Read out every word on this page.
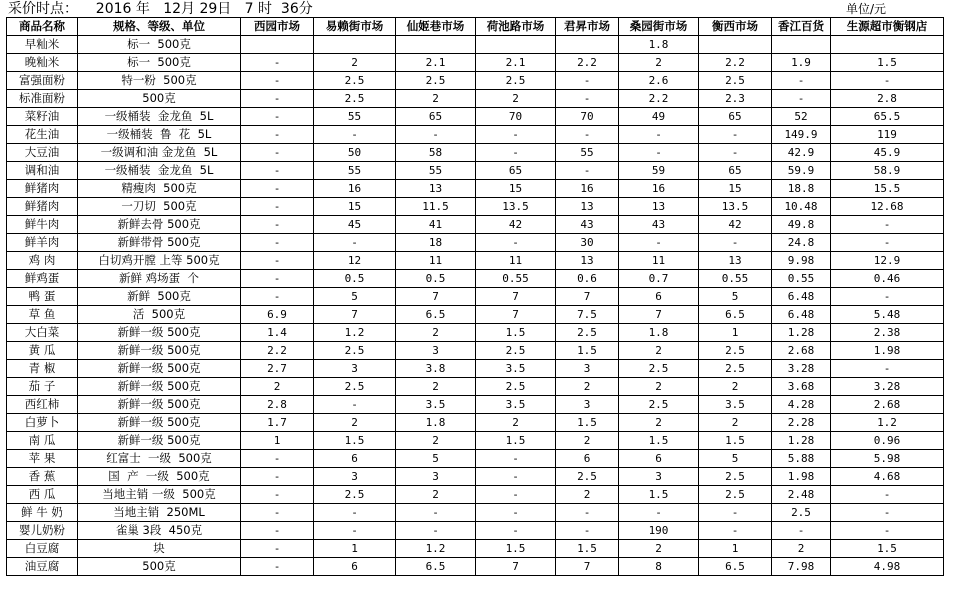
采价时点：    2016 年   12月 29日   7 时  36分	单位/元
商品名称	规格、等级、单位	西园市场	易赖街市场	仙姬巷市场	荷池路市场	君昇市场	桑园街市场	衡西市场	香江百货	生源超市衡钢店
早籼米	标一  500克						1.8			
晚籼米	标一  500克	-	2	2.1	2.1	2.2	2	2.2	1.9	1.5
富强面粉	特一粉  500克	-	2.5	2.5	2.5	-	2.6	2.5	-	-
标准面粉	500克	-	2.5	2	2	-	2.2	2.3	-	2.8
菜籽油	一级桶装  金龙鱼  5L	-	55	65	70	70	49	65	52	65.5
花生油	一级桶装  鲁  花  5L	-	-	-	-	-	-	-	149.9	119
大豆油	一级调和油 金龙鱼  5L	-	50	58	-	55	-	-	42.9	45.9
调和油	一级桶装  金龙鱼  5L	-	55	55	65	-	59	65	59.9	58.9
鲜猪肉	精瘦肉  500克	-	16	13	15	16	16	15	18.8	15.5
鲜猪肉	一刀切  500克	-	15	11.5	13.5	13	13	13.5	10.48	12.68
鲜牛肉	新鲜去骨 500克	-	45	41	42	43	43	42	49.8	-
鲜羊肉	新鲜带骨 500克	-	-	18	-	30	-	-	24.8	-
鸡 肉	白切鸡开膛 上等 500克	-	12	11	11	13	11	13	9.98	12.9
鲜鸡蛋	新鲜 鸡场蛋  个	-	0.5	0.5	0.55	0.6	0.7	0.55	0.55	0.46
鸭 蛋	新鲜  500克	-	5	7	7	7	6	5	6.48	-
草 鱼	活  500克	6.9	7	6.5	7	7.5	7	6.5	6.48	5.48
大白菜	新鲜一级 500克	1.4	1.2	2	1.5	2.5	1.8	1	1.28	2.38
黄 瓜	新鲜一级 500克	2.2	2.5	3	2.5	1.5	2	2.5	2.68	1.98
青 椒	新鲜一级 500克	2.7	3	3.8	3.5	3	2.5	2.5	3.28	-
茄 子	新鲜一级 500克	2	2.5	2	2.5	2	2	2	3.68	3.28
西红柿	新鲜一级 500克	2.8	-	3.5	3.5	3	2.5	3.5	4.28	2.68
白萝卜	新鲜一级 500克	1.7	2	1.8	2	1.5	2	2	2.28	1.2
南 瓜	新鲜一级 500克	1	1.5	2	1.5	2	1.5	1.5	1.28	0.96
苹 果	红富士  一级  500克	-	6	5	-	6	6	5	5.88	5.98
香 蕉	国  产  一级  500克	-	3	3	-	2.5	3	2.5	1.98	4.68
西 瓜	当地主销 一级  500克	-	2.5	2	-	2	1.5	2.5	2.48	-
鲜 牛 奶	当地主销  250ML	-	-	-	-	-	-	-	2.5	-
婴儿奶粉	雀巢 3段  450克	-	-	-	-	-	190	-	-	-
白豆腐	块	-	1	1.2	1.5	1.5	2	1	2	1.5
油豆腐	500克	-	6	6.5	7	7	8	6.5	7.98	4.98
